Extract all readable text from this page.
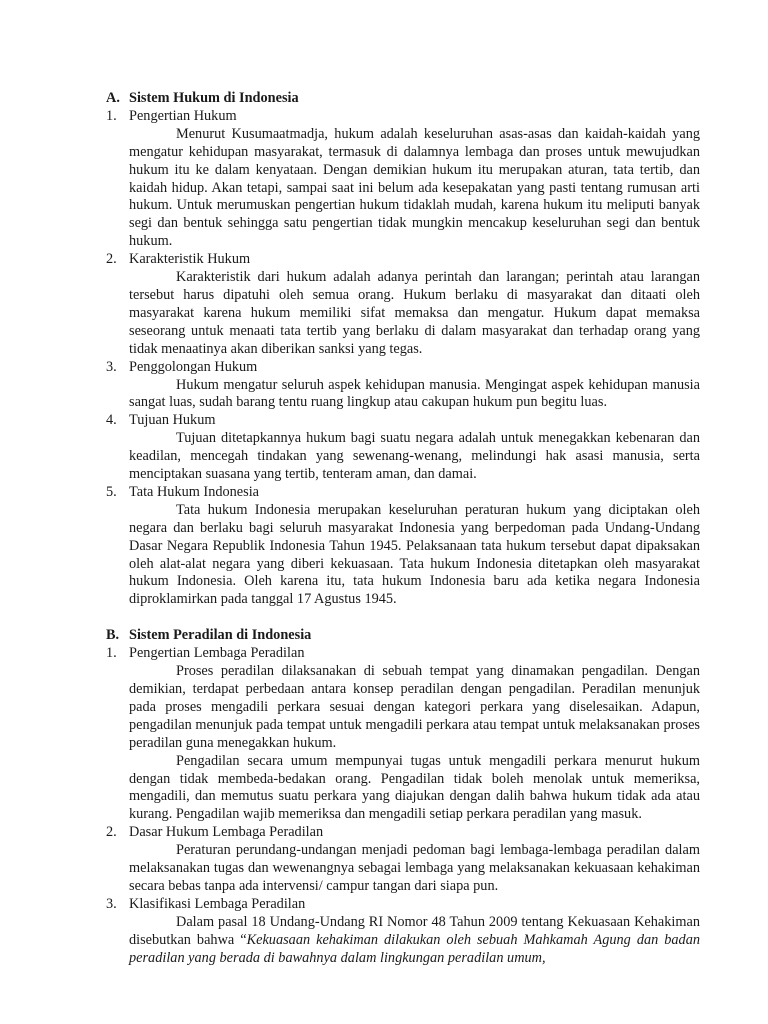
A. Sistem Hukum di Indonesia
1. Pengertian Hukum
Menurut Kusumaatmadja, hukum adalah keseluruhan asas-asas dan kaidah-kaidah yang mengatur kehidupan masyarakat, termasuk di dalamnya lembaga dan proses untuk mewujudkan hukum itu ke dalam kenyataan. Dengan demikian hukum itu merupakan aturan, tata tertib, dan kaidah hidup. Akan tetapi, sampai saat ini belum ada kesepakatan yang pasti tentang rumusan arti hukum. Untuk merumuskan pengertian hukum tidaklah mudah, karena hukum itu meliputi banyak segi dan bentuk sehingga satu pengertian tidak mungkin mencakup keseluruhan segi dan bentuk hukum.
2. Karakteristik Hukum
Karakteristik dari hukum adalah adanya perintah dan larangan; perintah atau larangan tersebut harus dipatuhi oleh semua orang. Hukum berlaku di masyarakat dan ditaati oleh masyarakat karena hukum memiliki sifat memaksa dan mengatur. Hukum dapat memaksa seseorang untuk menaati tata tertib yang berlaku di dalam masyarakat dan terhadap orang yang tidak menaatinya akan diberikan sanksi yang tegas.
3. Penggolongan Hukum
Hukum mengatur seluruh aspek kehidupan manusia. Mengingat aspek kehidupan manusia sangat luas, sudah barang tentu ruang lingkup atau cakupan hukum pun begitu luas.
4. Tujuan Hukum
Tujuan ditetapkannya hukum bagi suatu negara adalah untuk menegakkan kebenaran dan keadilan, mencegah tindakan yang sewenang-wenang, melindungi hak asasi manusia, serta menciptakan suasana yang tertib, tenteram aman, dan damai.
5. Tata Hukum Indonesia
Tata hukum Indonesia merupakan keseluruhan peraturan hukum yang diciptakan oleh negara dan berlaku bagi seluruh masyarakat Indonesia yang berpedoman pada Undang-Undang Dasar Negara Republik Indonesia Tahun 1945. Pelaksanaan tata hukum tersebut dapat dipaksakan oleh alat-alat negara yang diberi kekuasaan. Tata hukum Indonesia ditetapkan oleh masyarakat hukum Indonesia. Oleh karena itu, tata hukum Indonesia baru ada ketika negara Indonesia diproklamirkan pada tanggal 17 Agustus 1945.
B. Sistem Peradilan di Indonesia
1. Pengertian Lembaga Peradilan
Proses peradilan dilaksanakan di sebuah tempat yang dinamakan pengadilan. Dengan demikian, terdapat perbedaan antara konsep peradilan dengan pengadilan. Peradilan menunjuk pada proses mengadili perkara sesuai dengan kategori perkara yang diselesaikan. Adapun, pengadilan menunjuk pada tempat untuk mengadili perkara atau tempat untuk melaksanakan proses peradilan guna menegakkan hukum.
Pengadilan secara umum mempunyai tugas untuk mengadili perkara menurut hukum dengan tidak membeda-bedakan orang. Pengadilan tidak boleh menolak untuk memeriksa, mengadili, dan memutus suatu perkara yang diajukan dengan dalih bahwa hukum tidak ada atau kurang. Pengadilan wajib memeriksa dan mengadili setiap perkara peradilan yang masuk.
2. Dasar Hukum Lembaga Peradilan
Peraturan perundang-undangan menjadi pedoman bagi lembaga-lembaga peradilan dalam melaksanakan tugas dan wewenangnya sebagai lembaga yang melaksanakan kekuasaan kehakiman secara bebas tanpa ada intervensi/ campur tangan dari siapa pun.
3. Klasifikasi Lembaga Peradilan
Dalam pasal 18 Undang-Undang RI Nomor 48 Tahun 2009 tentang Kekuasaan Kehakiman disebutkan bahwa “Kekuasaan kehakiman dilakukan oleh sebuah Mahkamah Agung dan badan peradilan yang berada di bawahnya dalam lingkungan peradilan umum,
